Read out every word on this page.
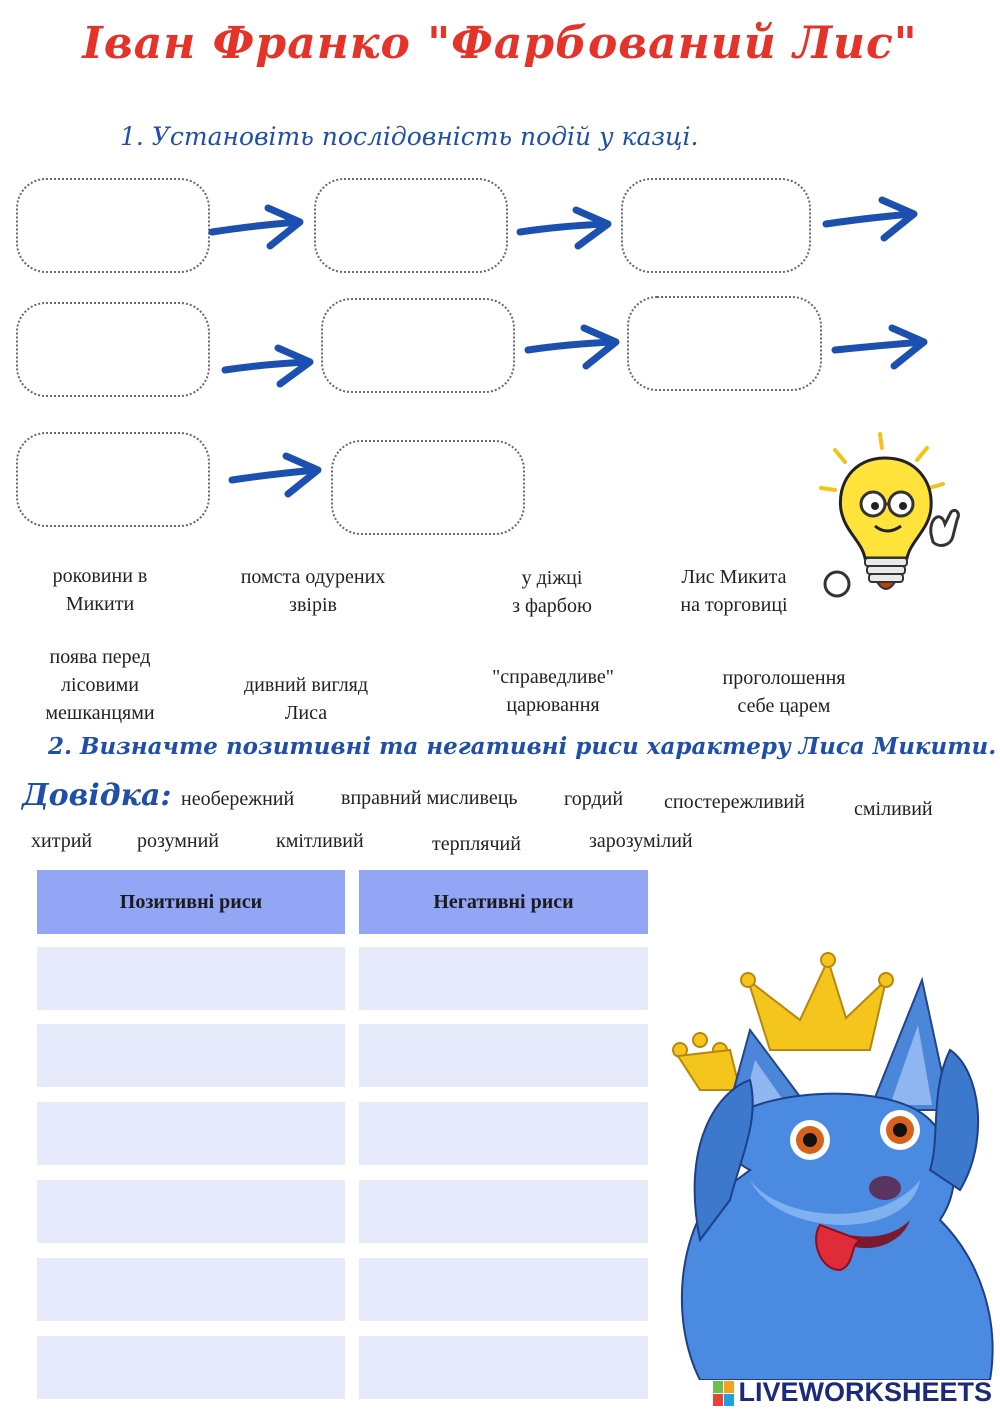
Іван Франко "Фарбований Лис"
1. Установіть послідовність подій у казці.
роковини в
Микити
помста одурених
звірів
у діжці
з фарбою
Лис Микита
на торговиці
поява перед
лісовими
мешканцями
дивний вигляд
Лиса
"справедливе"
царювання
проголошення
себе царем
2. Визначте позитивні та негативні риси характеру Лиса Микити.
Довідка: необережний вправний мисливець гордий спостережливий сміливий
хитрий розумний	кмітливий	терплячий	зарозумілий
Позитивні риси	Негативні риси
LIVEWORKSHEETS
